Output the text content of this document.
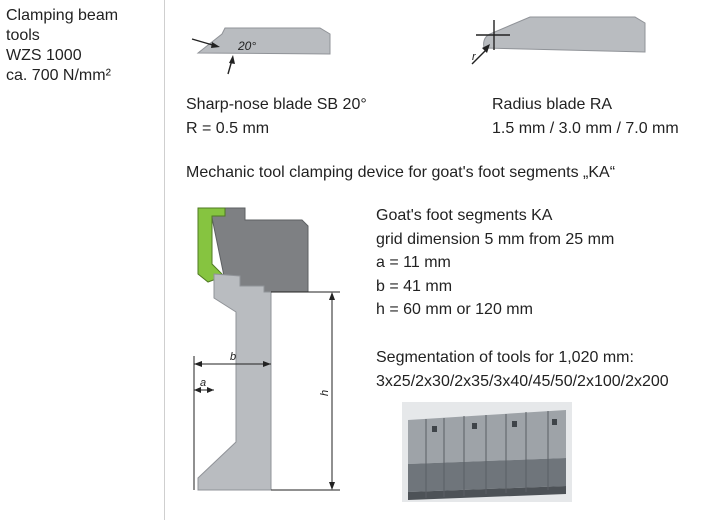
Clamping beam
tools
WZS 1000
ca. 700 N/mm²
20°
Sharp-nose blade SB 20°
R = 0.5 mm
r
Radius blade RA
1.5 mm / 3.0 mm / 7.0 mm
Mechanic tool clamping device for goat's foot segments „KA“
h
b
a
Goat's foot segments KA
grid dimension 5 mm from 25 mm
a = 11 mm
b = 41 mm
h = 60 mm or 120 mm
Segmentation of tools for 1,020 mm:
3x25/2x30/2x35/3x40/45/50/2x100/2x200
